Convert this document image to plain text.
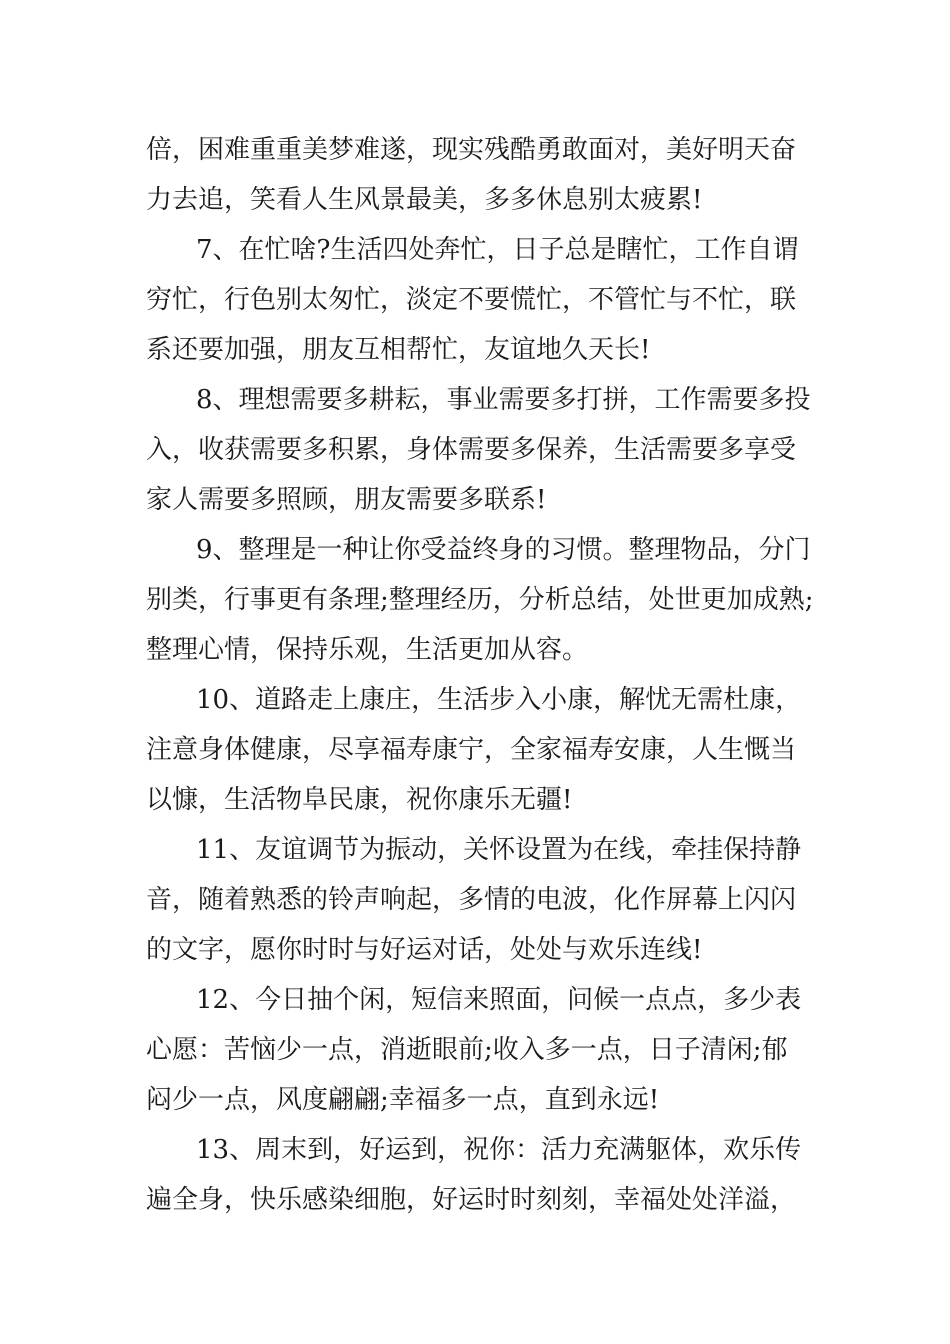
倍，困难重重美梦难遂，现实残酷勇敢面对，美好明天奋
力去追，笑看人生风景最美，多多休息别太疲累!
7、在忙啥?生活四处奔忙，日子总是瞎忙，工作自谓
穷忙，行色别太匆忙，淡定不要慌忙，不管忙与不忙，联
系还要加强，朋友互相帮忙，友谊地久天长!
8、理想需要多耕耘，事业需要多打拼，工作需要多投
入，收获需要多积累，身体需要多保养，生活需要多享受
家人需要多照顾，朋友需要多联系!
9、整理是一种让你受益终身的习惯。整理物品，分门
别类，行事更有条理;整理经历，分析总结，处世更加成熟;
整理心情，保持乐观，生活更加从容。
10、道路走上康庄，生活步入小康，解忧无需杜康，
注意身体健康，尽享福寿康宁，全家福寿安康，人生慨当
以慷，生活物阜民康，祝你康乐无疆!
11、友谊调节为振动，关怀设置为在线，牵挂保持静
音，随着熟悉的铃声响起，多情的电波，化作屏幕上闪闪
的文字，愿你时时与好运对话，处处与欢乐连线!
12、今日抽个闲，短信来照面，问候一点点，多少表
心愿：苦恼少一点，消逝眼前;收入多一点，日子清闲;郁
闷少一点，风度翩翩;幸福多一点，直到永远!
13、周末到，好运到，祝你：活力充满躯体，欢乐传
遍全身，快乐感染细胞，好运时时刻刻，幸福处处洋溢，
